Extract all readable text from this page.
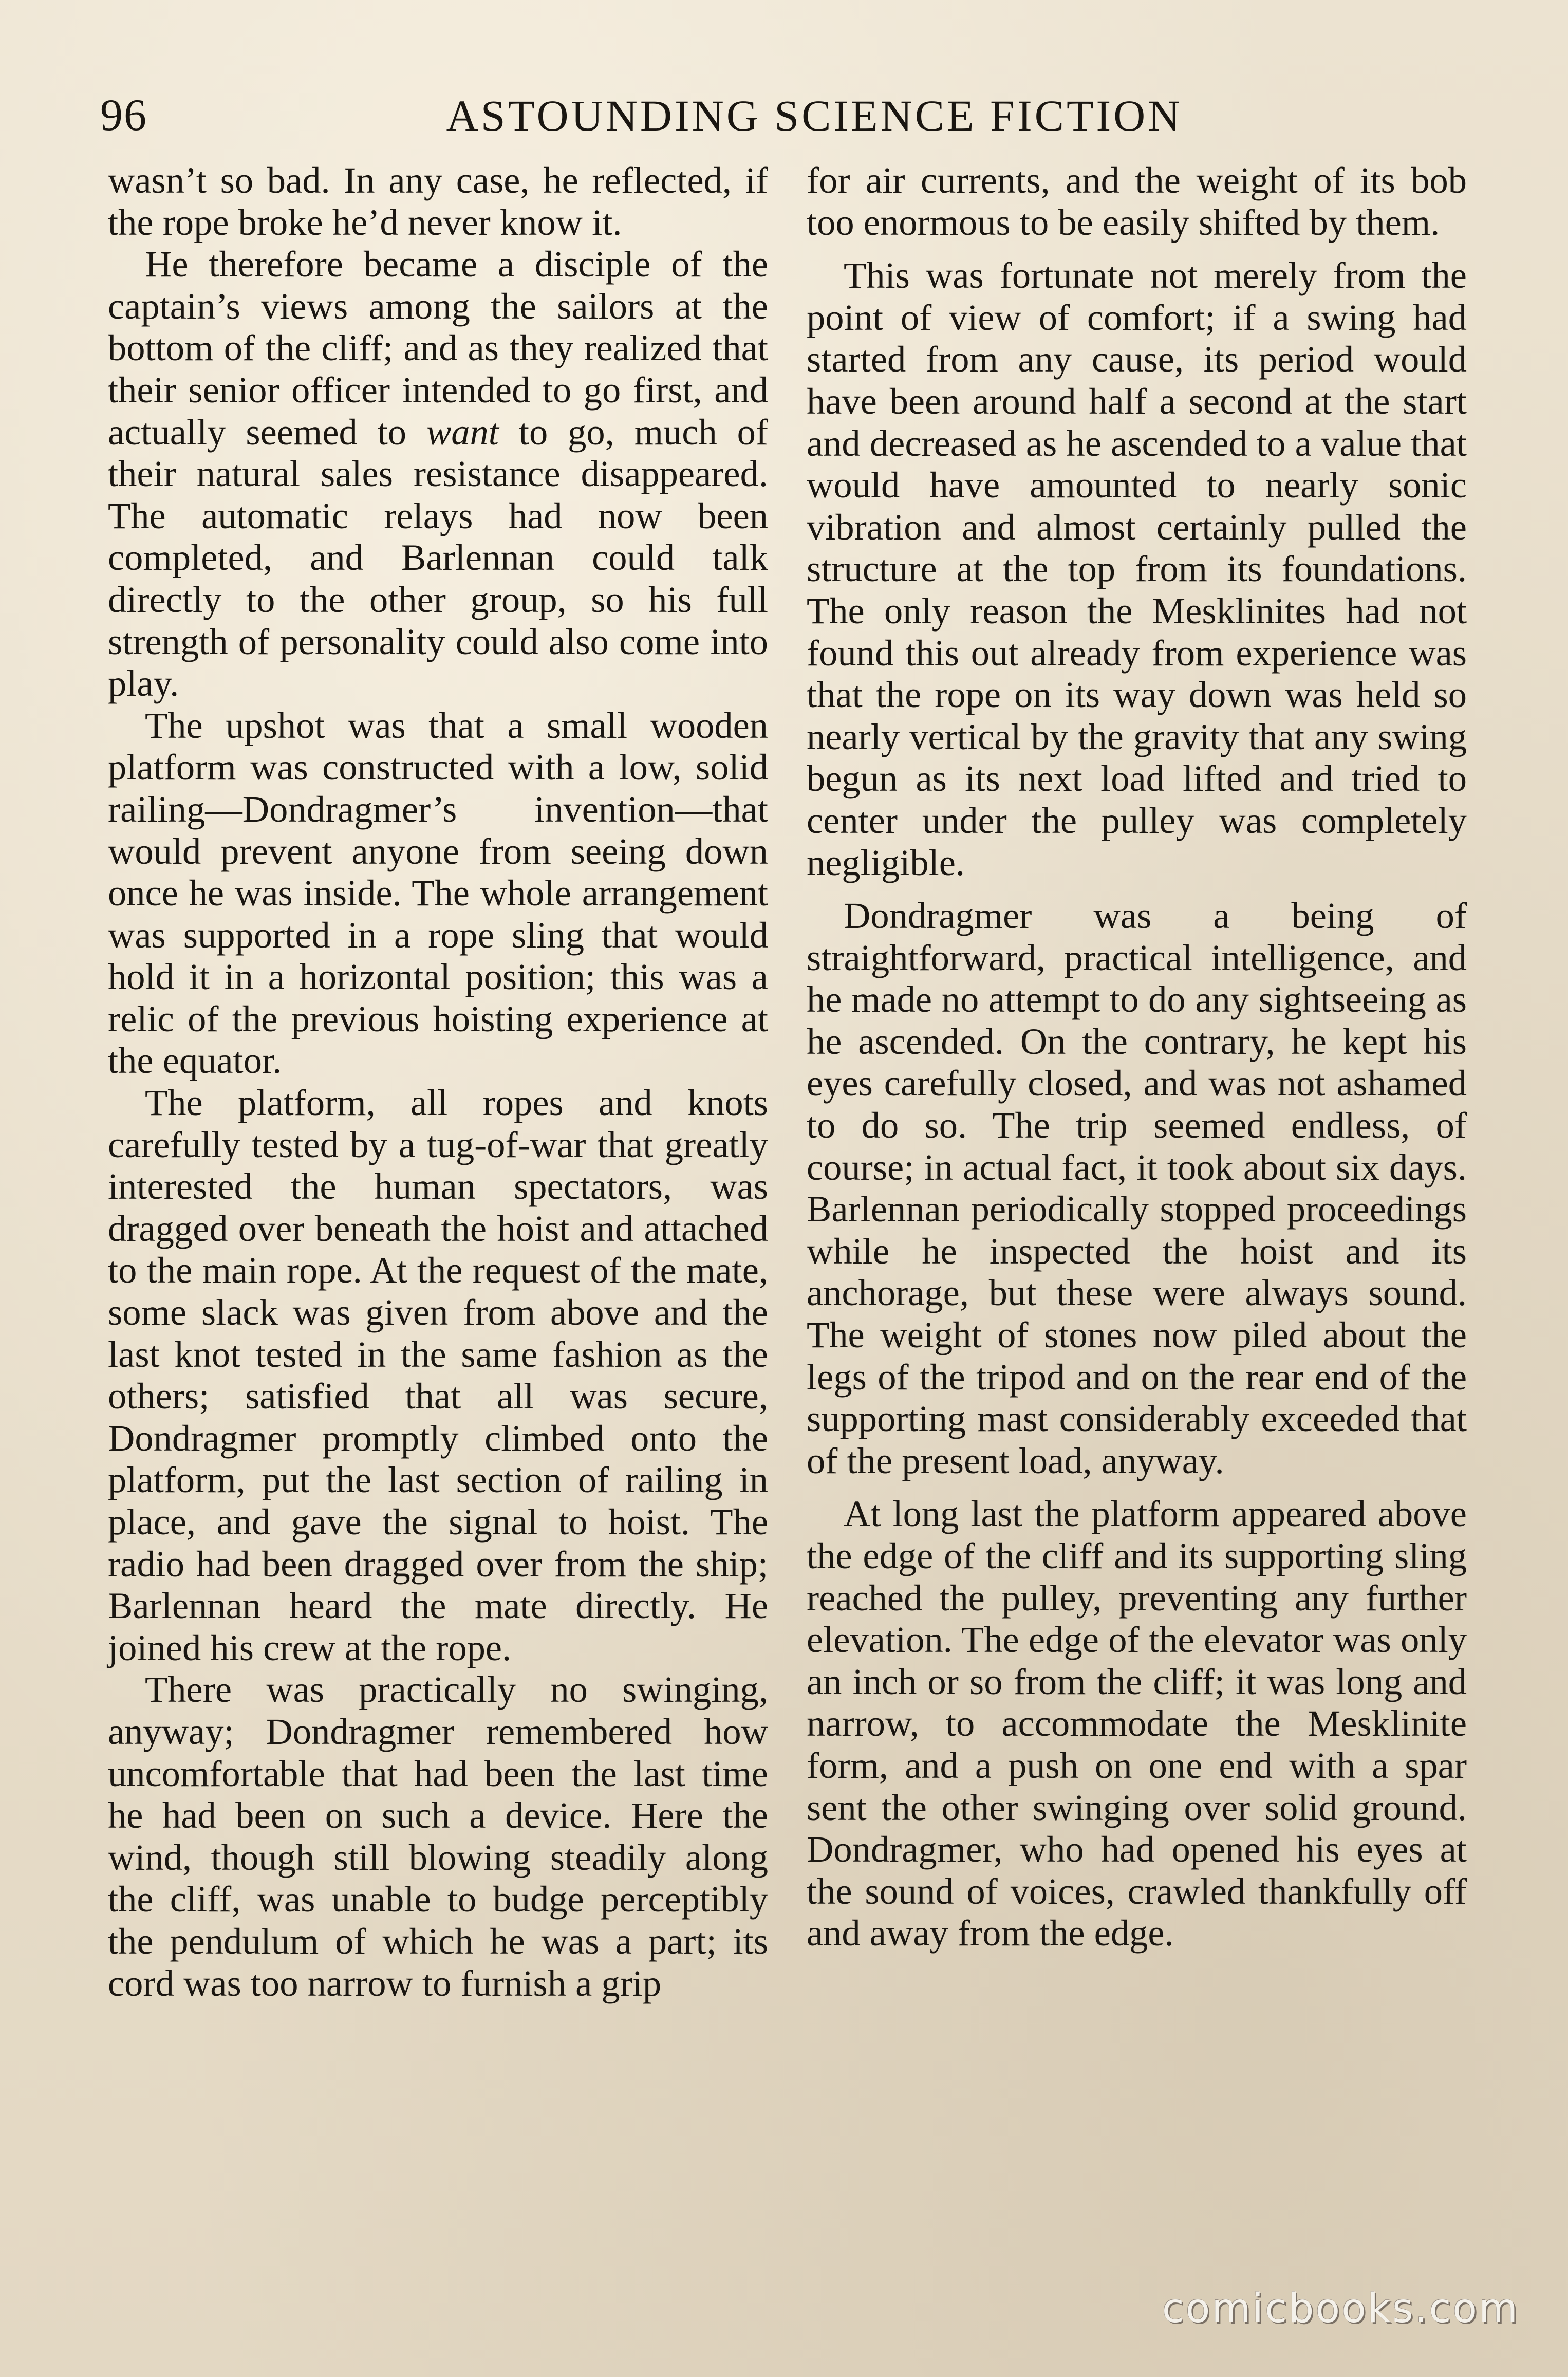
96	ASTOUNDING SCIENCE FICTION

wasn’t so bad. In any case, he reflected, if the rope broke he’d never know it.

He therefore became a disciple of the captain’s views among the sailors at the bottom of the cliff; and as they realized that their senior officer intended to go first, and actually seemed to want to go, much of their natural sales resistance disappeared. The automatic relays had now been completed, and Barlennan could talk directly to the other group, so his full strength of personality could also come into play.

The upshot was that a small wooden platform was constructed with a low, solid railing—Dondragmer’s invention—that would prevent anyone from seeing down once he was inside. The whole arrangement was supported in a rope sling that would hold it in a horizontal position; this was a relic of the previous hoisting experience at the equator.

The platform, all ropes and knots carefully tested by a tug-of-war that greatly interested the human spectators, was dragged over beneath the hoist and attached to the main rope. At the request of the mate, some slack was given from above and the last knot tested in the same fashion as the others; satisfied that all was secure, Dondragmer promptly climbed onto the platform, put the last section of railing in place, and gave the signal to hoist. The radio had been dragged over from the ship; Barlennan heard the mate directly. He joined his crew at the rope.

There was practically no swinging, anyway; Dondragmer remembered how uncomfortable that had been the last time he had been on such a device. Here the wind, though still blowing steadily along the cliff, was unable to budge perceptibly the pendulum of which he was a part; its cord was too narrow to furnish a grip

for air currents, and the weight of its bob too enormous to be easily shifted by them.

This was fortunate not merely from the point of view of comfort; if a swing had started from any cause, its period would have been around half a second at the start and decreased as he ascended to a value that would have amounted to nearly sonic vibration and almost certainly pulled the structure at the top from its foundations. The only reason the Mesklinites had not found this out already from experience was that the rope on its way down was held so nearly vertical by the gravity that any swing begun as its next load lifted and tried to center under the pulley was completely negligible.

Dondragmer was a being of straightforward, practical intelligence, and he made no attempt to do any sightseeing as he ascended. On the contrary, he kept his eyes carefully closed, and was not ashamed to do so. The trip seemed endless, of course; in actual fact, it took about six days. Barlennan periodically stopped proceedings while he inspected the hoist and its anchorage, but these were always sound. The weight of stones now piled about the legs of the tripod and on the rear end of the supporting mast considerably exceeded that of the present load, anyway.

At long last the platform appeared above the edge of the cliff and its supporting sling reached the pulley, preventing any further elevation. The edge of the elevator was only an inch or so from the cliff; it was long and narrow, to accommodate the Mesklinite form, and a push on one end with a spar sent the other swinging over solid ground. Dondragmer, who had opened his eyes at the sound of voices, crawled thankfully off and away from the edge.

comicbooks.com
